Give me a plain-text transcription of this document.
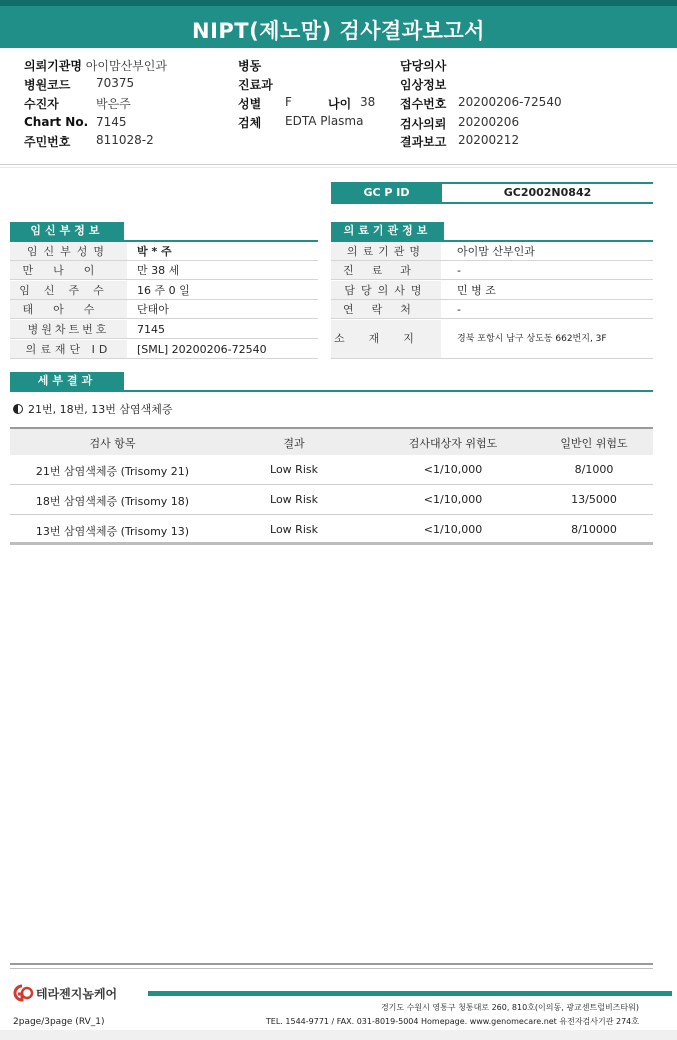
NIPT(제노맘) 검사결과보고서
의뢰기관명 아이맘산부인과
병원코드 70375
수진자	박은주
Chart No. 7145
주민번호 811028-2
병동
진료과
성별 F	나이 38
검체 EDTA Plasma
담당의사
임상정보
접수번호 20200206-72540
검사의뢰 20200206
결과보고 20200212
GC P ID	GC2002N0842
임신부정보
임신부성명	박 * 주
만나이	만 38 세
임신주수	16 주 0 일
태아수	단태아
병원차트번호	7145
의료재단 ID	[SML] 20200206-72540
의료기관정보
의료기관명	아이맘 산부인과
진료과	-
담당의사명	민 병 조
연락처	-
소재지	경북 포항시 남구 상도동 662번지, 3F
세부결과
21번, 18번, 13번 삼염색체증
검사 항목	결과	검사대상자 위험도	일반인 위험도
21번 삼염색체증 (Trisomy 21)	Low Risk	<1/10,000	8/1000
18번 삼염색체증 (Trisomy 18)	Low Risk	<1/10,000	13/5000
13번 삼염색체증 (Trisomy 13)	Low Risk	<1/10,000	8/10000
테라젠지놈케어
경기도 수원시 영통구 청통대로 260, 810호(이의동, 광교센트럴비즈타워)
TEL. 1544-9771 / FAX. 031-8019-5004 Homepage. www.genomecare.net 유전자검사기관 274호
2page/3page (RV_1)
